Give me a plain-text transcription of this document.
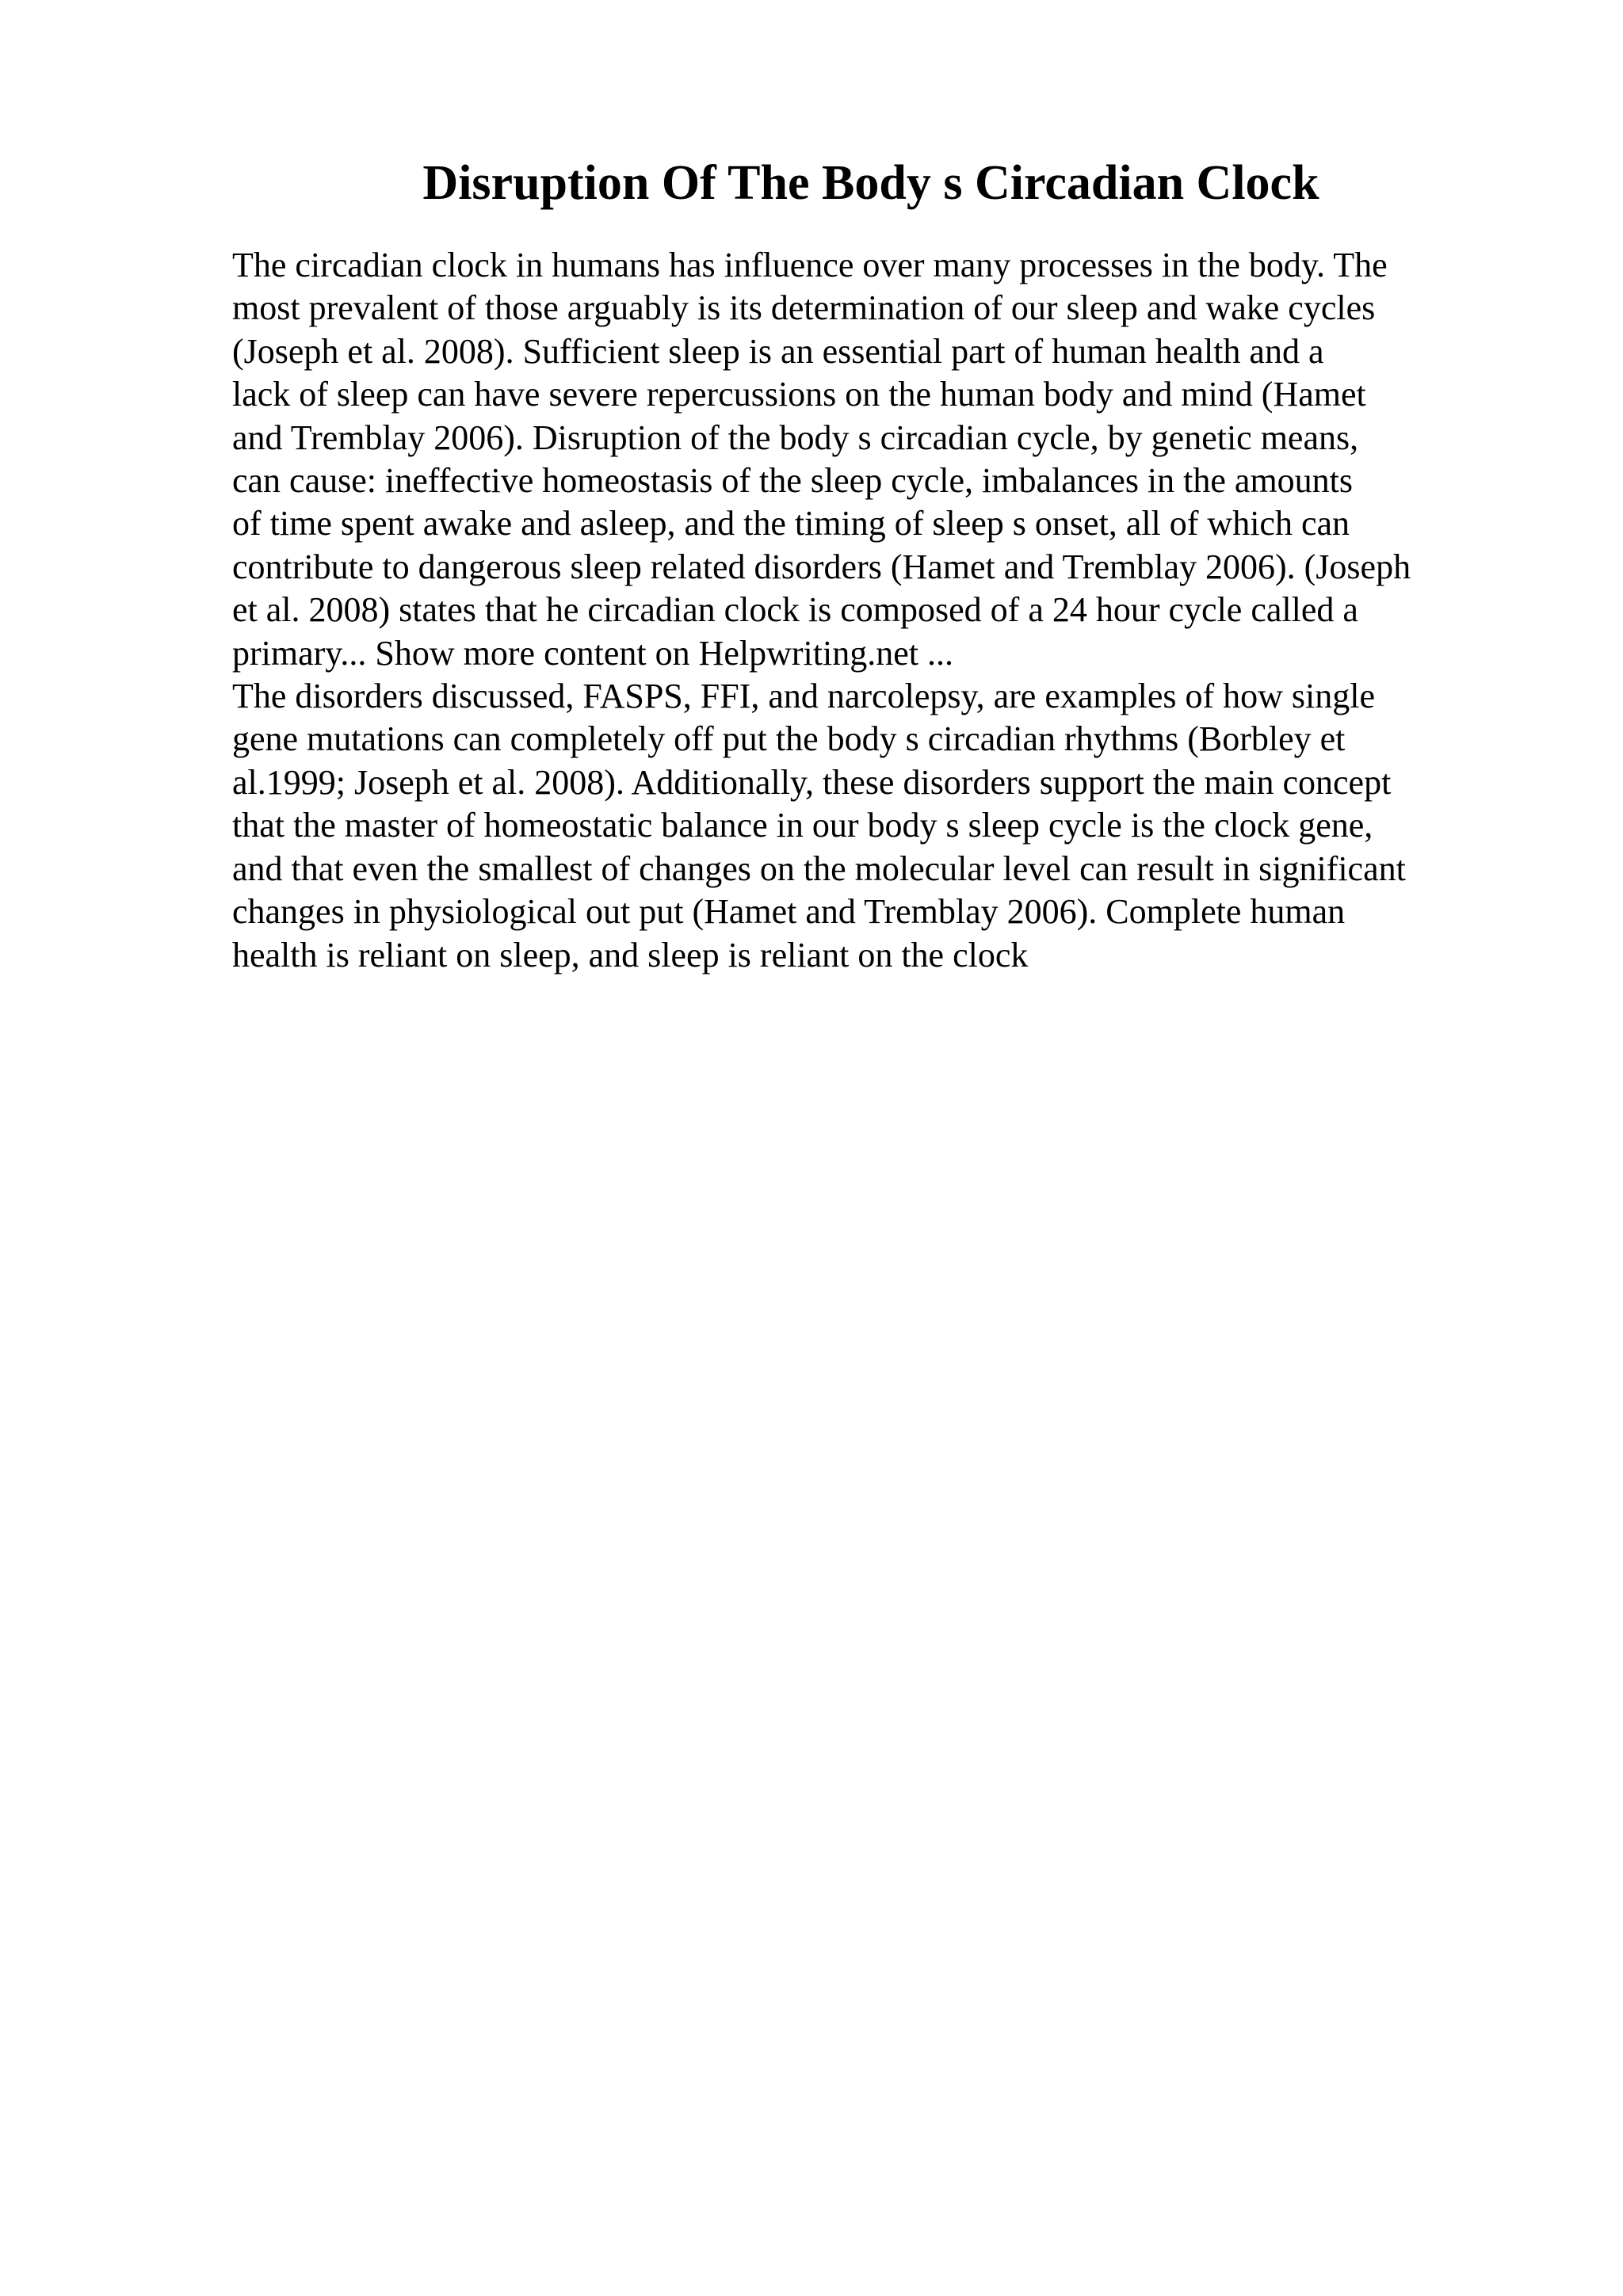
Disruption Of The Body s Circadian Clock
The circadian clock in humans has influence over many processes in the body. The
most prevalent of those arguably is its determination of our sleep and wake cycles
(Joseph et al. 2008). Sufficient sleep is an essential part of human health and a
lack of sleep can have severe repercussions on the human body and mind (Hamet
and Tremblay 2006). Disruption of the body s circadian cycle, by genetic means,
can cause: ineffective homeostasis of the sleep cycle, imbalances in the amounts
of time spent awake and asleep, and the timing of sleep s onset, all of which can
contribute to dangerous sleep related disorders (Hamet and Tremblay 2006). (Joseph
et al. 2008) states that he circadian clock is composed of a 24 hour cycle called a
primary... Show more content on Helpwriting.net ...
The disorders discussed, FASPS, FFI, and narcolepsy, are examples of how single
gene mutations can completely off put the body s circadian rhythms (Borbley et
al.1999; Joseph et al. 2008). Additionally, these disorders support the main concept
that the master of homeostatic balance in our body s sleep cycle is the clock gene,
and that even the smallest of changes on the molecular level can result in significant
changes in physiological out put (Hamet and Tremblay 2006). Complete human
health is reliant on sleep, and sleep is reliant on the clock
